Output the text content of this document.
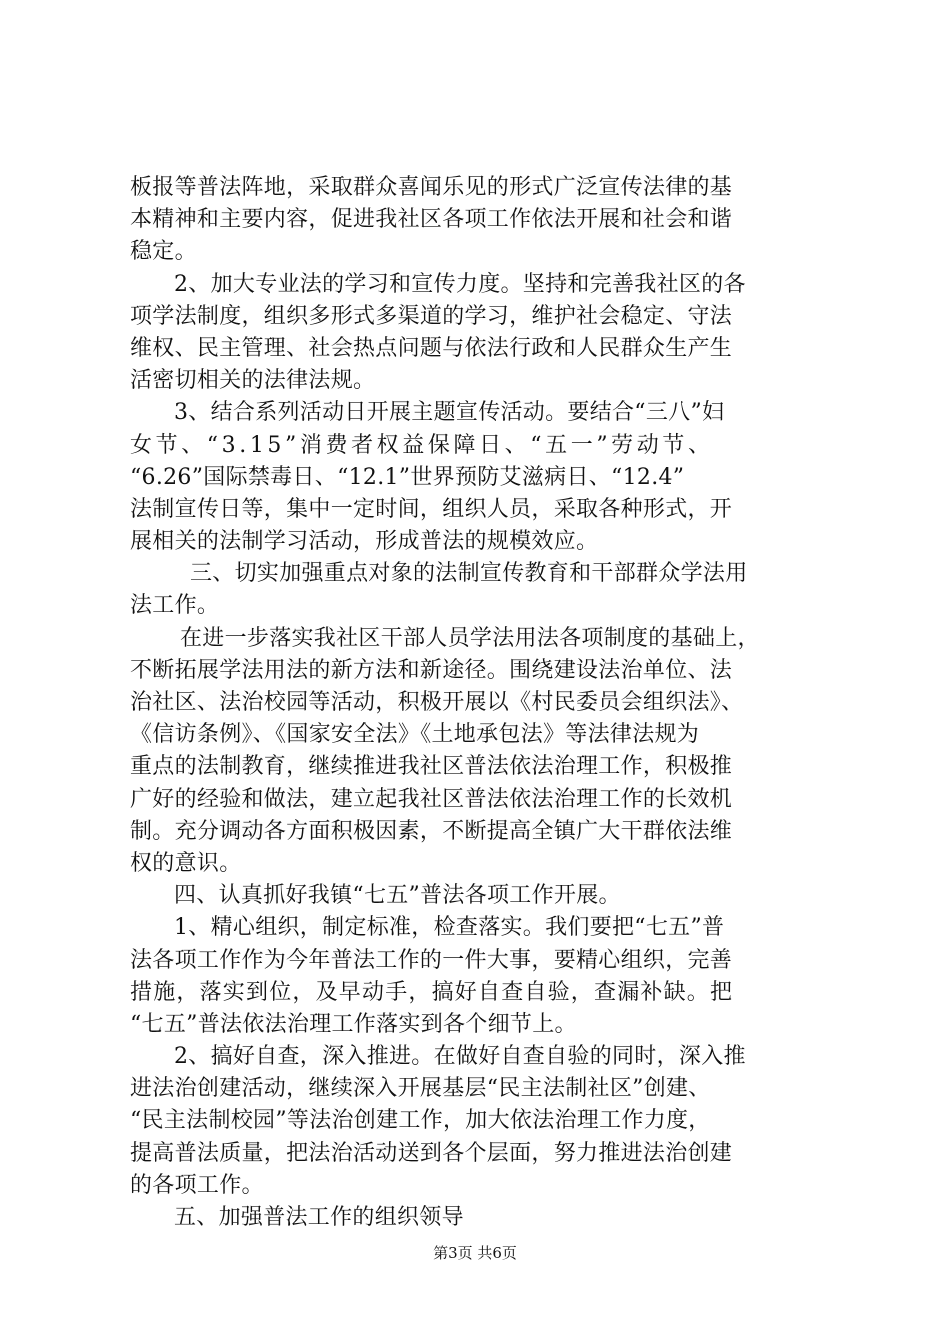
板报等普法阵地，采取群众喜闻乐见的形式广泛宣传法律的基
本精神和主要内容，促进我社区各项工作依法开展和社会和谐
稳定。
2、加大专业法的学习和宣传力度。坚持和完善我社区的各
项学法制度，组织多形式多渠道的学习，维护社会稳定、守法
维权、民主管理、社会热点问题与依法行政和人民群众生产生
活密切相关的法律法规。
3、结合系列活动日开展主题宣传活动。要结合“三八”妇
女节、“3.15”消费者权益保障日、“五一”劳动节、
“6.26”国际禁毒日、“12.1”世界预防艾滋病日、“12.4”
法制宣传日等，集中一定时间，组织人员，采取各种形式，开
展相关的法制学习活动，形成普法的规模效应。
三、切实加强重点对象的法制宣传教育和干部群众学法用
法工作。
在进一步落实我社区干部人员学法用法各项制度的基础上，
不断拓展学法用法的新方法和新途径。围绕建设法治单位、法
治社区、法治校园等活动，积极开展以《村民委员会组织法》、
《信访条例》、《国家安全法》《土地承包法》等法律法规为
重点的法制教育，继续推进我社区普法依法治理工作，积极推
广好的经验和做法，建立起我社区普法依法治理工作的长效机
制。充分调动各方面积极因素，不断提高全镇广大干群依法维
权的意识。
四、认真抓好我镇“七五”普法各项工作开展。
1、精心组织，制定标准，检查落实。我们要把“七五”普
法各项工作作为今年普法工作的一件大事，要精心组织，完善
措施，落实到位，及早动手，搞好自查自验，查漏补缺。把
“七五”普法依法治理工作落实到各个细节上。
2、搞好自查，深入推进。在做好自查自验的同时，深入推
进法治创建活动，继续深入开展基层“民主法制社区”创建、
“民主法制校园”等法治创建工作，加大依法治理工作力度，
提高普法质量，把法治活动送到各个层面，努力推进法治创建
的各项工作。
五、加强普法工作的组织领导
第3页 共6页
